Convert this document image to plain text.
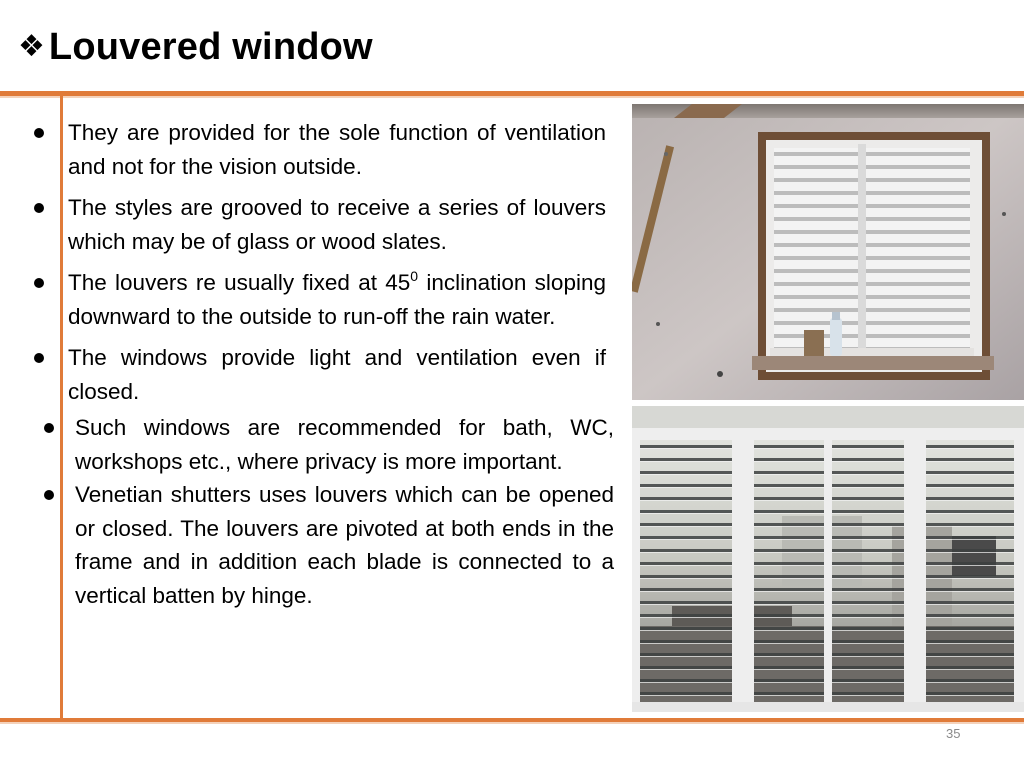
❖ Louvered window
They are provided for the sole function of ventilation and not for the vision outside.
The styles are grooved to receive a series of louvers which may be of glass or wood slates.
The louvers re usually fixed at $45^0$ inclination sloping downward to the outside to run-off the rain water.
The windows provide light and ventilation even if closed.
Such windows are recommended for bath, WC, workshops etc., where privacy is more important.
Venetian shutters uses louvers which can be opened or closed. The louvers are pivoted at both ends in the frame and in addition each blade is connected to a vertical batten by hinge.
35
